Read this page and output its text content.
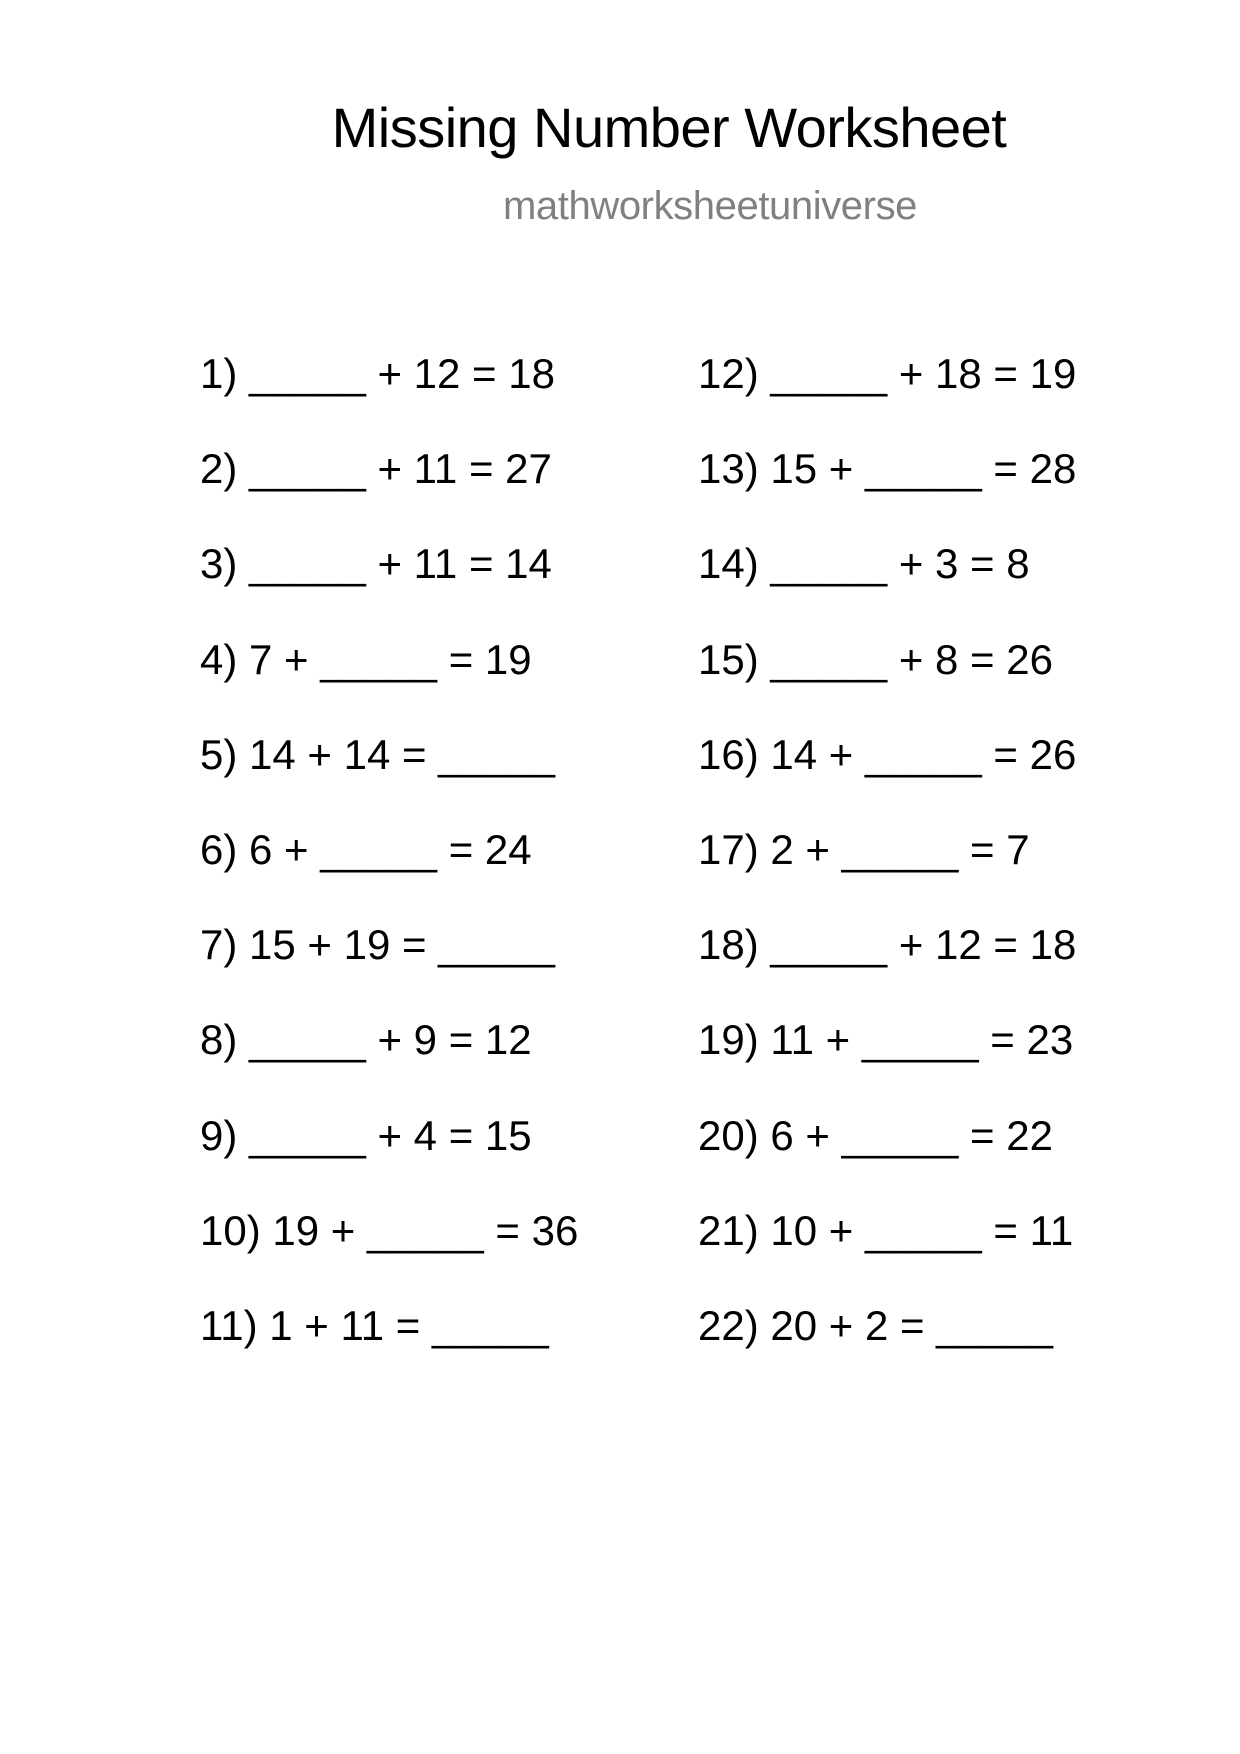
Missing Number Worksheet
mathworksheetuniverse
1) _____ + 12 = 18
2) _____ + 11 = 27
3) _____ + 11 = 14
4) 7 + _____ = 19
5) 14 + 14 = _____
6) 6 + _____ = 24
7) 15 + 19 = _____
8) _____ + 9 = 12
9) _____ + 4 = 15
10) 19 + _____ = 36
11) 1 + 11 = _____
12) _____ + 18 = 19
13) 15 + _____ = 28
14) _____ + 3 = 8
15) _____ + 8 = 26
16) 14 + _____ = 26
17) 2 + _____ = 7
18) _____ + 12 = 18
19) 11 + _____ = 23
20) 6 + _____ = 22
21) 10 + _____ = 11
22) 20 + 2 = _____
